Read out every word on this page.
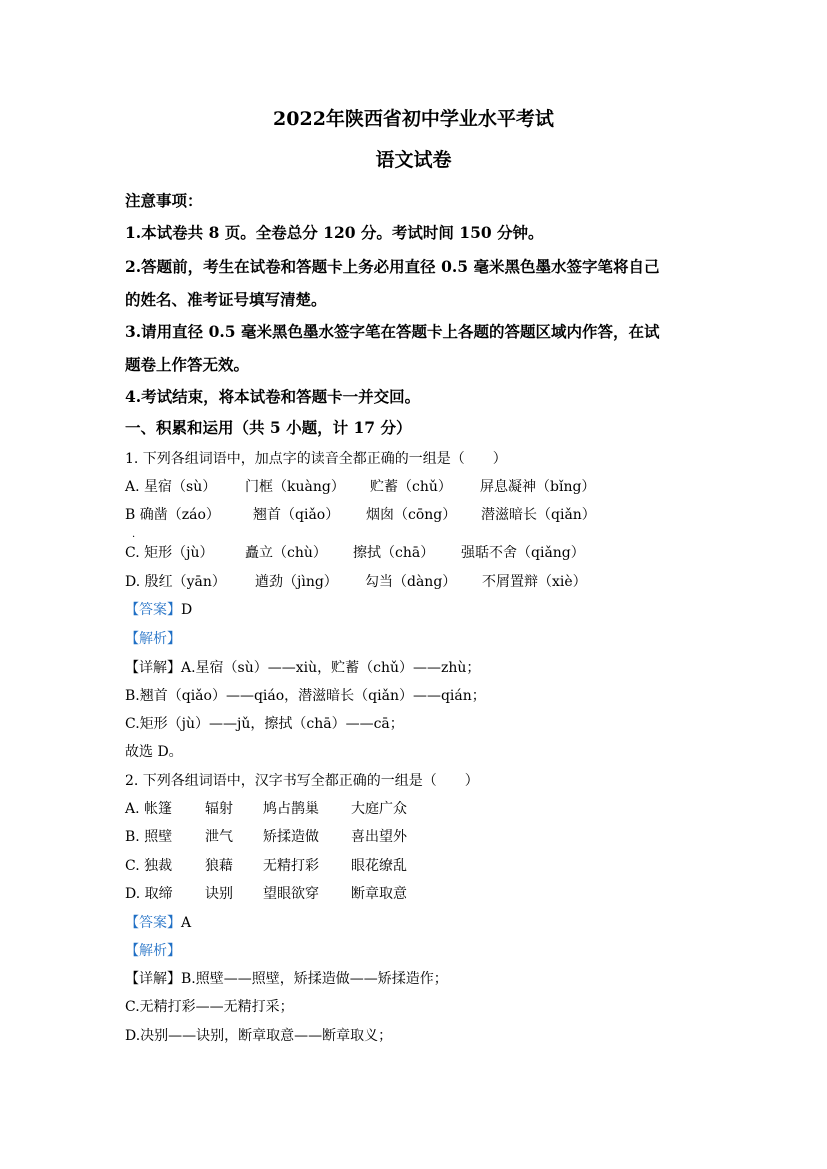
2022年陕西省初中学业水平考试
语文试卷
注意事项：
1.本试卷共 8 页。全卷总分 120 分。考试时间 150 分钟。
2.答题前，考生在试卷和答题卡上务必用直径 0.5 毫米黑色墨水签字笔将自己
的姓名、准考证号填写清楚。
3.请用直径 0.5 毫米黑色墨水签字笔在答题卡上各题的答题区域内作答，在试
题卷上作答无效。
4.考试结束，将本试卷和答题卡一并交回。
一、积累和运用（共 5 小题，计 17 分）
1. 下列各组词语中，加点字的读音全都正确的一组是（　　）
A. 星宿（sù） 门框（kuàng） 贮蓄（chǔ） 屏息凝神（bǐng）
B 确凿（záo） 翘首（qiǎo） 烟囱（cōng） 潜滋暗长（qiǎn）
·
C. 矩形（jù） 矗立（chù） 擦拭（chā） 强聒不舍（qiǎng）
D. 殷红（yān） 遒劲（jìng） 勾当（dàng） 不屑置辩（xiè）
【答案】D
【解析】
【详解】A.星宿（sù）——xiù，贮蓄（chǔ）——zhù；
B.翘首（qiǎo）——qiáo，潜滋暗长（qiǎn）——qián；
C.矩形（jù）——jǔ，擦拭（chā）——cā；
故选 D。
2. 下列各组词语中，汉字书写全都正确的一组是（　　）
A. 帐篷 辐射 鸠占鹊巢 大庭广众
B. 照壁 泄气 矫揉造做 喜出望外
C. 独裁 狼藉 无精打彩 眼花缭乱
D. 取缔 诀别 望眼欲穿 断章取意
【答案】A
【解析】
【详解】B.照壁——照壁，矫揉造做——矫揉造作；
C.无精打彩——无精打采；
D.决别——诀别，断章取意——断章取义；
